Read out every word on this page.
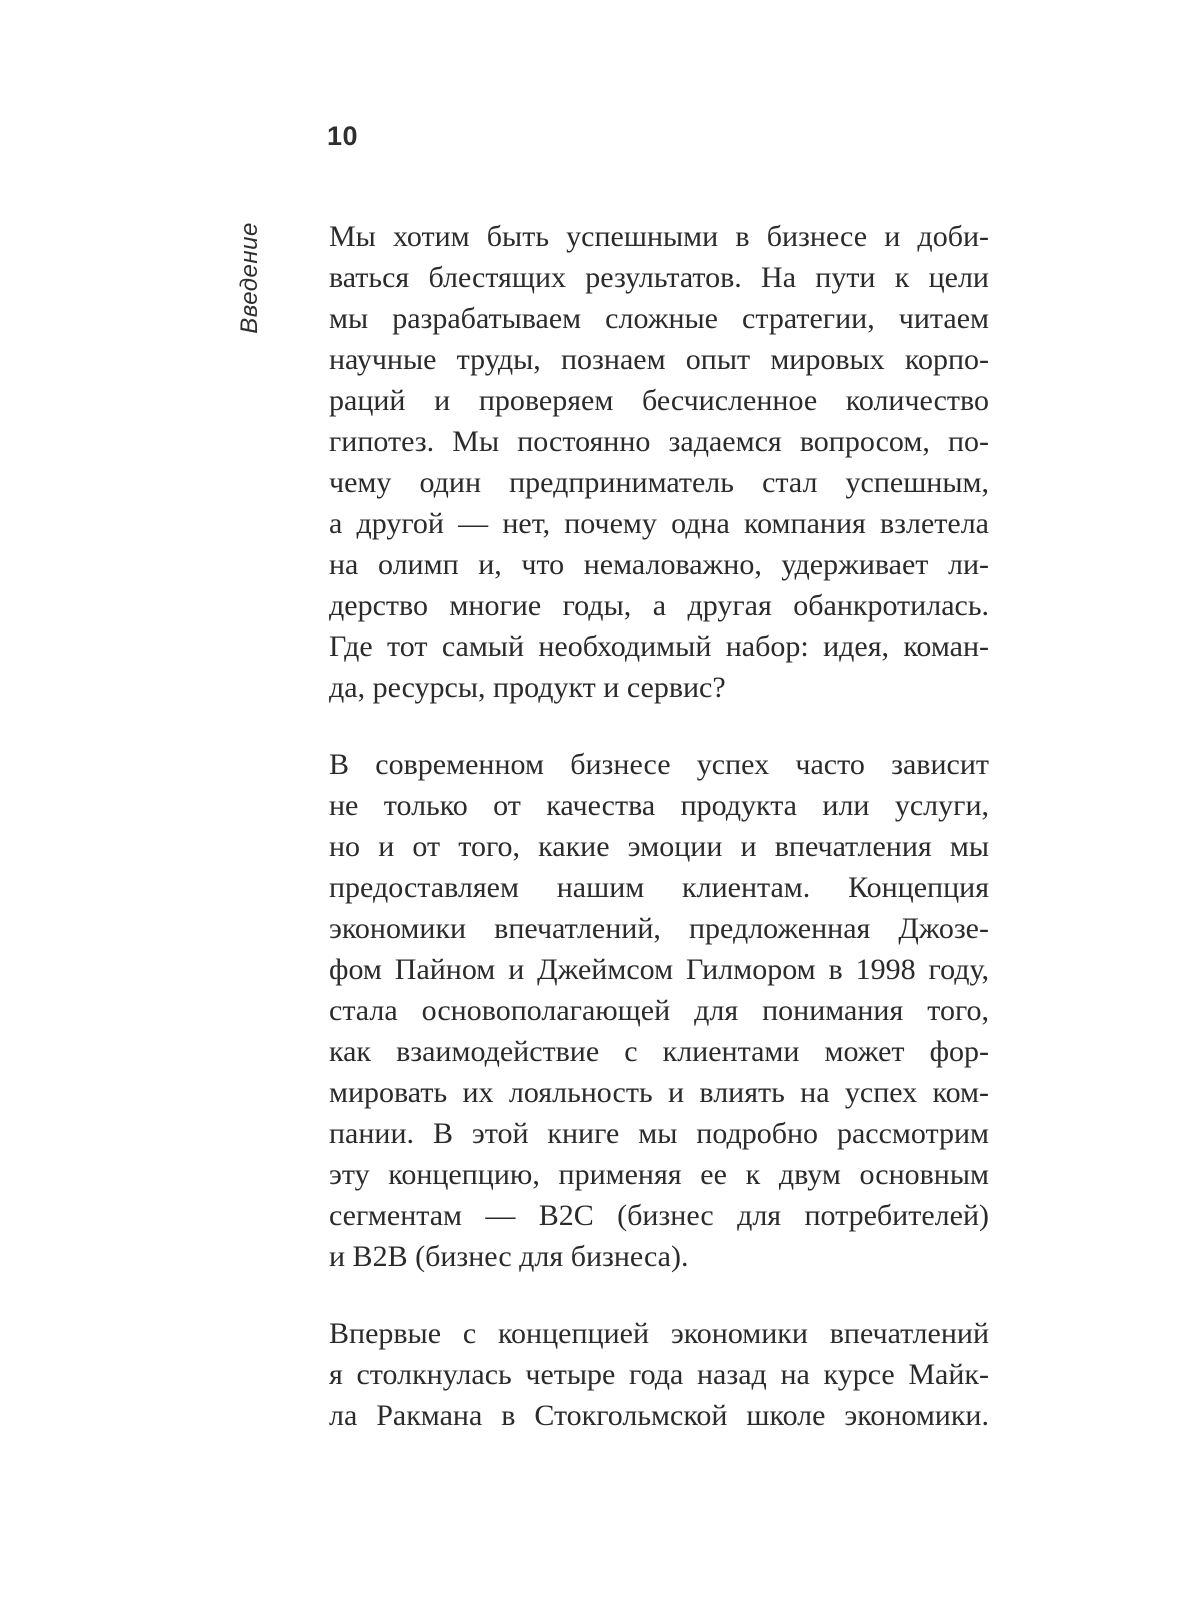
10
Введение Мы хотим быть успешными в бизнесе и доби-
ваться блестящих результатов. На пути к цели
мы разрабатываем сложные стратегии, читаем
научные труды, познаем опыт мировых корпо-
раций и проверяем бесчисленное количество
гипотез. Мы постоянно задаемся вопросом, по-
чему один предприниматель стал успешным,
а другой — нет, почему одна компания взлетела
на олимп и, что немаловажно, удерживает ли-
дерство многие годы, а другая обанкротилась.
Где тот самый необходимый набор: идея, коман-
да, ресурсы, продукт и сервис?
В современном бизнесе успех часто зависит
не только от качества продукта или услуги,
но и от того, какие эмоции и впечатления мы
предоставляем нашим клиентам. Концепция
экономики впечатлений, предложенная Джозе-
фом Пайном и Джеймсом Гилмором в 1998 году,
стала основополагающей для понимания того,
как взаимодействие с клиентами может фор-
мировать их лояльность и влиять на успех ком-
пании. В этой книге мы подробно рассмотрим
эту концепцию, применяя ее к двум основным
сегментам — B2C (бизнес для потребителей)
и B2B (бизнес для бизнеса).
Впервые с концепцией экономики впечатлений
я столкнулась четыре года назад на курсе Майк-
ла Ракмана в Стокгольмской школе экономики.
